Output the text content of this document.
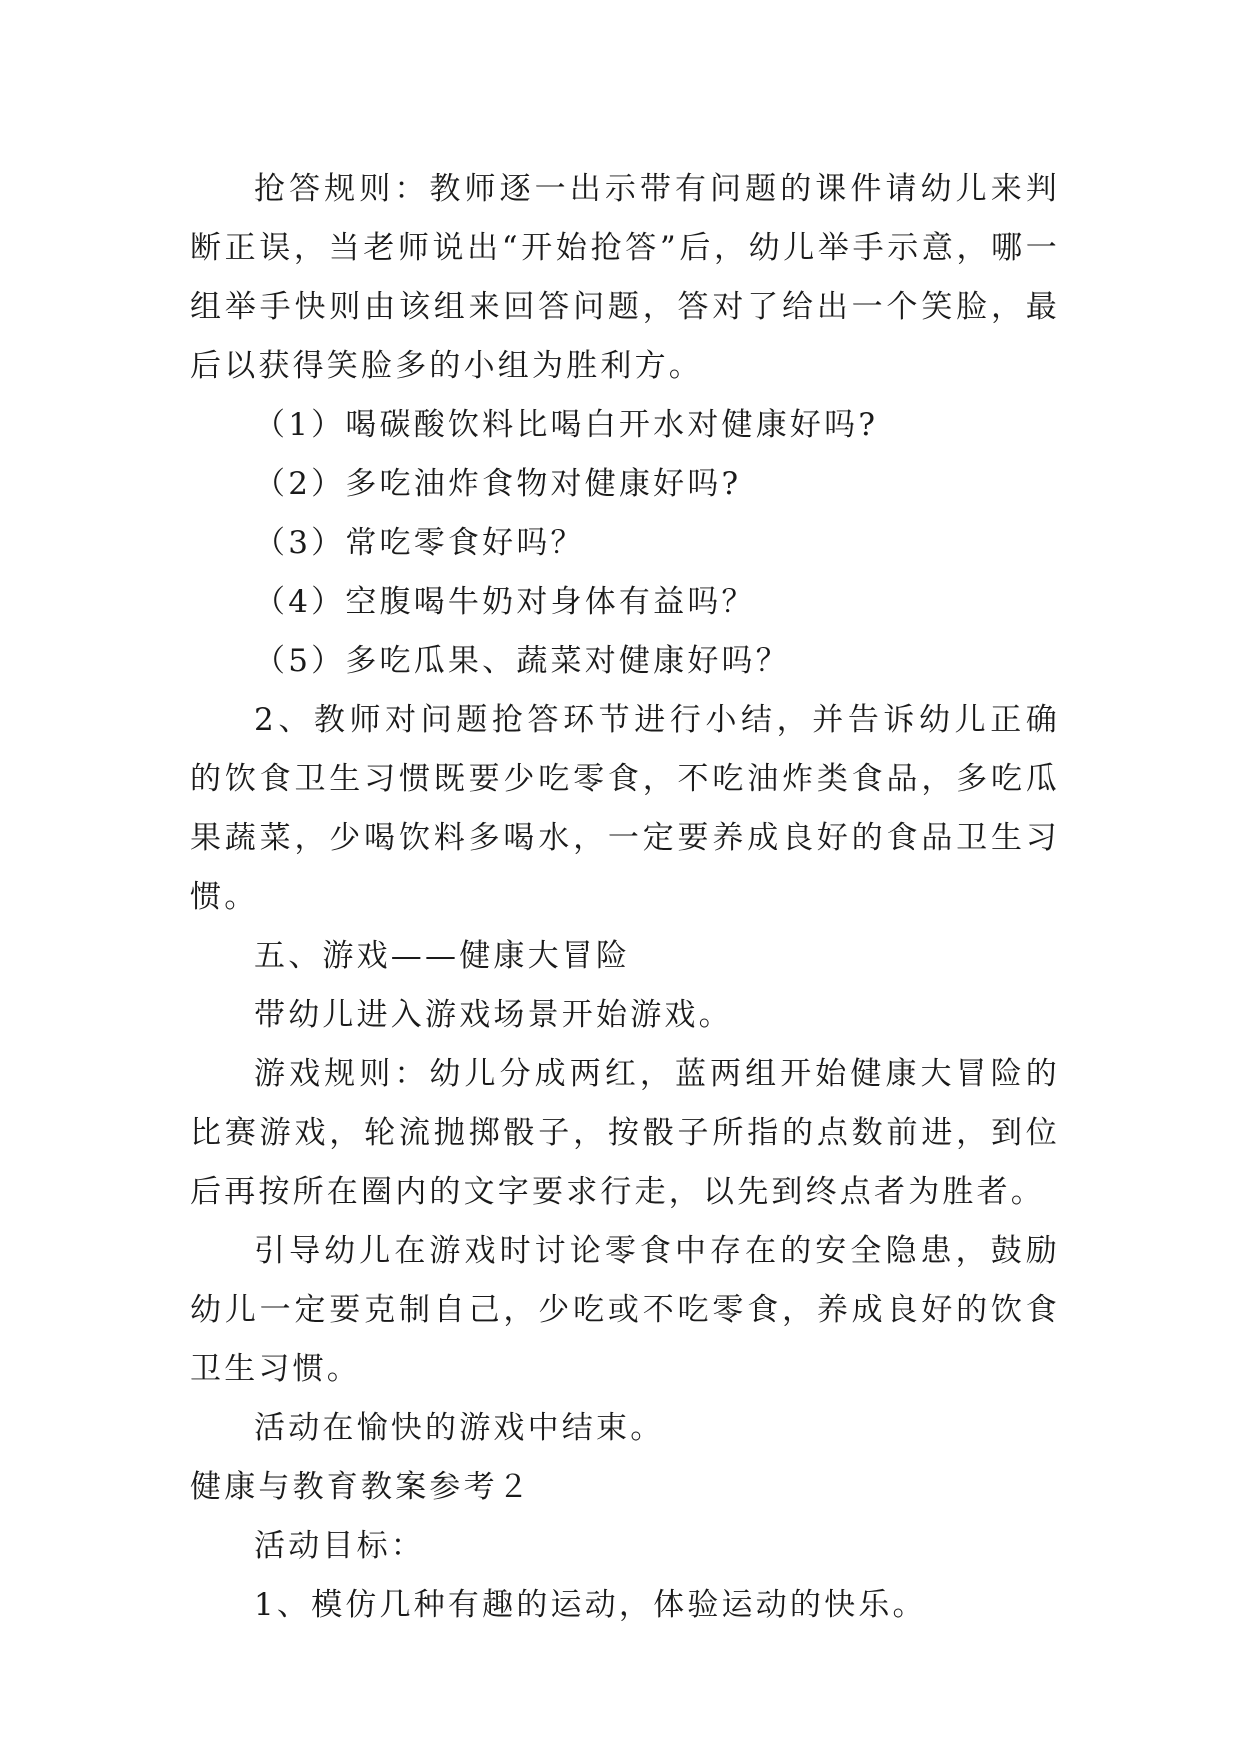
抢答规则：教师逐一出示带有问题的课件请幼儿来判断正误，当老师说出“开始抢答”后，幼儿举手示意，哪一组举手快则由该组来回答问题，答对了给出一个笑脸，最后以获得笑脸多的小组为胜利方。

（1）喝碳酸饮料比喝白开水对健康好吗?

（2）多吃油炸食物对健康好吗?

（3）常吃零食好吗？

（4）空腹喝牛奶对身体有益吗？

（5）多吃瓜果、蔬菜对健康好吗？

2、教师对问题抢答环节进行小结，并告诉幼儿正确的饮食卫生习惯既要少吃零食，不吃油炸类食品，多吃瓜果蔬菜，少喝饮料多喝水，一定要养成良好的食品卫生习惯。

五、游戏——健康大冒险

带幼儿进入游戏场景开始游戏。

游戏规则：幼儿分成两红，蓝两组开始健康大冒险的比赛游戏，轮流抛掷骰子，按骰子所指的点数前进，到位后再按所在圈内的文字要求行走，以先到终点者为胜者。

引导幼儿在游戏时讨论零食中存在的安全隐患，鼓励幼儿一定要克制自己，少吃或不吃零食，养成良好的饮食卫生习惯。

活动在愉快的游戏中结束。

健康与教育教案参考２

活动目标：

1、模仿几种有趣的运动，体验运动的快乐。
